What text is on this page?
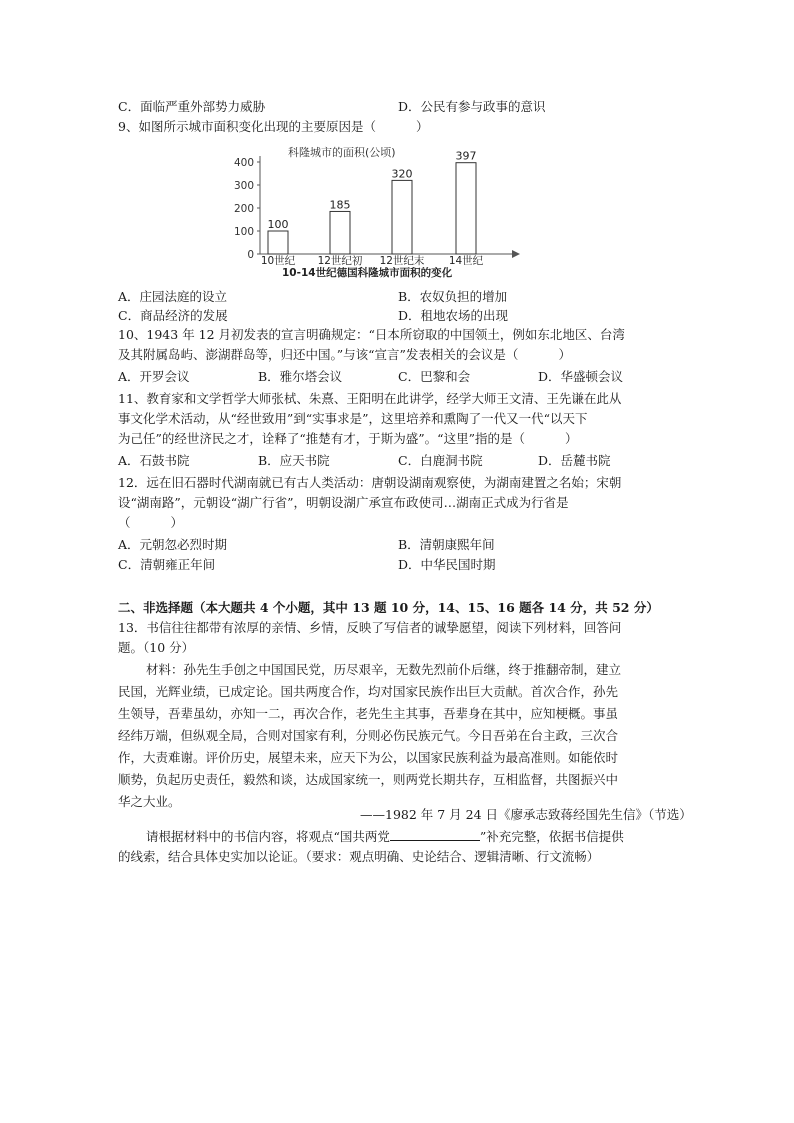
C．面临严重外部势力威胁	D．公民有参与政事的意识
9、如图所示城市面积变化出现的主要原因是（	）
科隆城市的面积(公顷)
0
100
200
300
400
100
185
320
397
10世纪 12世纪初 12世纪末 14世纪
10-14世纪德国科隆城市面积的变化
A．庄园法庭的设立	B．农奴负担的增加
C．商品经济的发展	D．租地农场的出现
10、1943 年 12 月初发表的宣言明确规定：“日本所窃取的中国领土，例如东北地区、台湾
及其附属岛屿、澎湖群岛等，归还中国。”与该“宣言”发表相关的会议是（	）
A．开罗会议	B．雅尔塔会议	C．巴黎和会	D．华盛顿会议
11、教育家和文学哲学大师张栻、朱熹、王阳明在此讲学，经学大师王文清、王先谦在此从
事文化学术活动，从“经世致用”到“实事求是”，这里培养和熏陶了一代又一代“以天下
为己任”的经世济民之才，诠释了“推楚有才，于斯为盛”。“这里”指的是（	）
A．石鼓书院	B．应天书院	C．白鹿洞书院	D．岳麓书院
12．远在旧石器时代湖南就已有古人类活动：唐朝设湖南观察使，为湖南建置之名始；宋朝
设“湖南路”，元朝设“湖广行省”，明朝设湖广承宣布政使司…湖南正式成为行省是
（	）
A．元朝忽必烈时期	B．清朝康熙年间
C．清朝雍正年间	D．中华民国时期
二、非选择题（本大题共 4 个小题，其中 13 题 10 分，14、15、16 题各 14 分，共 52 分）
13．书信往往都带有浓厚的亲情、乡情，反映了写信者的诚挚愿望，阅读下列材料，回答问
题。（10 分）
材料：孙先生手创之中国国民党，历尽艰辛，无数先烈前仆后继，终于推翻帝制，建立
民国，光辉业绩，已成定论。国共两度合作，均对国家民族作出巨大贡献。首次合作，孙先
生领导，吾辈虽幼，亦知一二，再次合作，老先生主其事，吾辈身在其中，应知梗概。事虽
经纬万端，但纵观全局，合则对国家有利，分则必伤民族元气。今日吾弟在台主政，三次合
作，大责难谢。评价历史，展望未来，应天下为公，以国家民族利益为最高准则。如能依时
顺势，负起历史责任，毅然和谈，达成国家统一，则两党长期共存，互相监督，共图振兴中
华之大业。
——1982 年 7 月 24 日《廖承志致蒋经国先生信》（节选）
请根据材料中的书信内容，将观点“国共两党	”补充完整，依据书信提供
的线索，结合具体史实加以论证。（要求：观点明确、史论结合、逻辑清晰、行文流畅）
